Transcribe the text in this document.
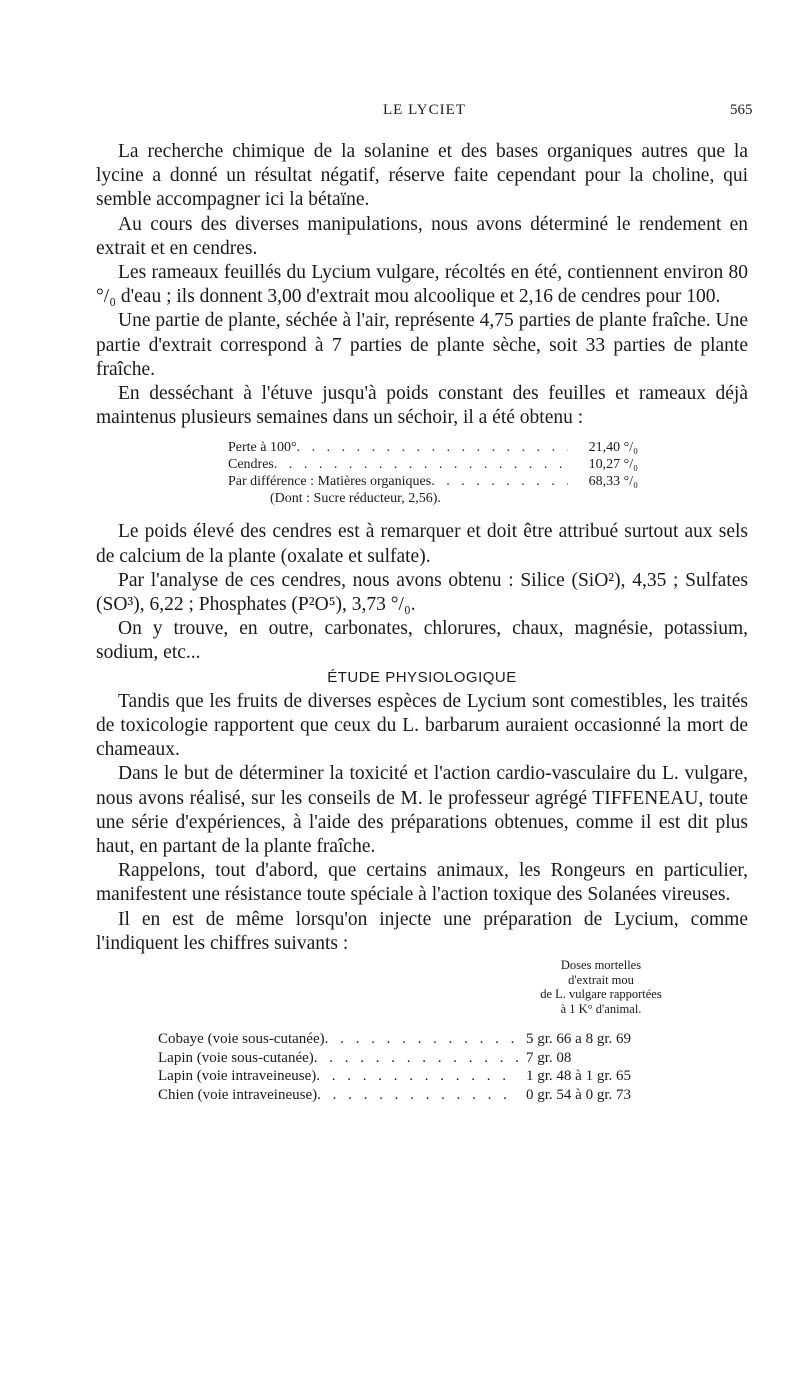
LE LYCIET	565

La recherche chimique de la solanine et des bases organiques autres que la lycine a donné un résultat négatif, réserve faite cependant pour la choline, qui semble accompagner ici la bétaïne.

Au cours des diverses manipulations, nous avons déterminé le rendement en extrait et en cendres.

Les rameaux feuillés du Lycium vulgare, récoltés en été, contiennent environ 80 °/₀ d'eau ; ils donnent 3,00 d'extrait mou alcoolique et 2,16 de cendres pour 100.

Une partie de plante, séchée à l'air, représente 4,75 parties de plante fraîche. Une partie d'extrait correspond à 7 parties de plante sèche, soit 33 parties de plante fraîche.

En desséchant à l'étuve jusqu'à poids constant des feuilles et rameaux déjà maintenus plusieurs semaines dans un séchoir, il a été obtenu :

Perte à 100° . . .	21,40 °/₀
Cendres . . .	10,27 °/₀
Par différence : Matières organiques . . .	68,33 °/₀
(Dont : Sucre réducteur, 2,56).

Le poids élevé des cendres est à remarquer et doit être attribué surtout aux sels de calcium de la plante (oxalate et sulfate).

Par l'analyse de ces cendres, nous avons obtenu : Silice (SiO²), 4,35 ; Sulfates (SO³), 6,22 ; Phosphates (P²O⁵), 3,73 °/₀.

On y trouve, en outre, carbonates, chlorures, chaux, magnésie, potassium, sodium, etc...

ÉTUDE PHYSIOLOGIQUE

Tandis que les fruits de diverses espèces de Lycium sont comestibles, les traités de toxicologie rapportent que ceux du L. barbarum auraient occasionné la mort de chameaux.

Dans le but de déterminer la toxicité et l'action cardio-vasculaire du L. vulgare, nous avons réalisé, sur les conseils de M. le professeur agrégé TIFFENEAU, toute une série d'expériences, à l'aide des préparations obtenues, comme il est dit plus haut, en partant de la plante fraîche.

Rappelons, tout d'abord, que certains animaux, les Rongeurs en particulier, manifestent une résistance toute spéciale à l'action toxique des Solanées vireuses.

Il en est de même lorsqu'on injecte une préparation de Lycium, comme l'indiquent les chiffres suivants :

Doses mortelles
d'extrait mou
de L. vulgare rapportées
à 1 K° d'animal.
Cobaye (voie sous-cutanée) . . .	5 gr. 66 a 8 gr. 69
Lapin (voie sous-cutanée) . . .	7 gr. 08
Lapin (voie intraveineuse) . . .	1 gr. 48 à 1 gr. 65
Chien (voie intraveineuse) . . .	0 gr. 54 à 0 gr. 73
